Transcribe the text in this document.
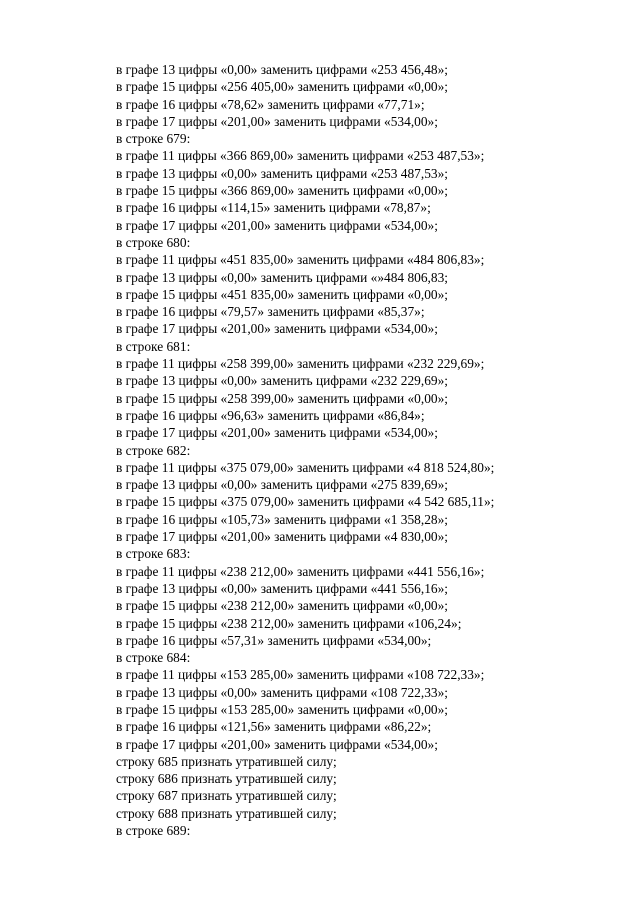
в графе 13 цифры «0,00» заменить цифрами «253 456,48»;
в графе 15 цифры «256 405,00» заменить цифрами «0,00»;
в графе 16 цифры «78,62» заменить цифрами «77,71»;
в графе 17 цифры «201,00» заменить цифрами «534,00»;
в строке 679:
в графе 11 цифры «366 869,00» заменить цифрами «253 487,53»;
в графе 13 цифры «0,00» заменить цифрами «253 487,53»;
в графе 15 цифры «366 869,00» заменить цифрами «0,00»;
в графе 16 цифры «114,15» заменить цифрами «78,87»;
в графе 17 цифры «201,00» заменить цифрами «534,00»;
в строке 680:
в графе 11 цифры «451 835,00» заменить цифрами «484 806,83»;
в графе 13 цифры «0,00» заменить цифрами «»484 806,83;
в графе 15 цифры «451 835,00» заменить цифрами «0,00»;
в графе 16 цифры «79,57» заменить цифрами «85,37»;
в графе 17 цифры «201,00» заменить цифрами «534,00»;
в строке 681:
в графе 11 цифры «258 399,00» заменить цифрами «232 229,69»;
в графе 13 цифры «0,00» заменить цифрами «232 229,69»;
в графе 15 цифры «258 399,00» заменить цифрами «0,00»;
в графе 16 цифры «96,63» заменить цифрами «86,84»;
в графе 17 цифры «201,00» заменить цифрами «534,00»;
в строке 682:
в графе 11 цифры «375 079,00» заменить цифрами «4 818 524,80»;
в графе 13 цифры «0,00» заменить цифрами «275 839,69»;
в графе 15 цифры «375 079,00» заменить цифрами «4 542 685,11»;
в графе 16 цифры «105,73» заменить цифрами «1 358,28»;
в графе 17 цифры «201,00» заменить цифрами «4 830,00»;
в строке 683:
в графе 11 цифры «238 212,00» заменить цифрами «441 556,16»;
в графе 13 цифры «0,00» заменить цифрами «441 556,16»;
в графе 15 цифры «238 212,00» заменить цифрами «0,00»;
в графе 15 цифры «238 212,00» заменить цифрами «106,24»;
в графе 16 цифры «57,31» заменить цифрами «534,00»;
в строке 684:
в графе 11 цифры «153 285,00» заменить цифрами «108 722,33»;
в графе 13 цифры «0,00» заменить цифрами «108 722,33»;
в графе 15 цифры «153 285,00» заменить цифрами «0,00»;
в графе 16 цифры «121,56» заменить цифрами «86,22»;
в графе 17 цифры «201,00» заменить цифрами «534,00»;
строку 685 признать утратившей силу;
строку 686 признать утратившей силу;
строку 687 признать утратившей силу;
строку 688 признать утратившей силу;
в строке 689:
